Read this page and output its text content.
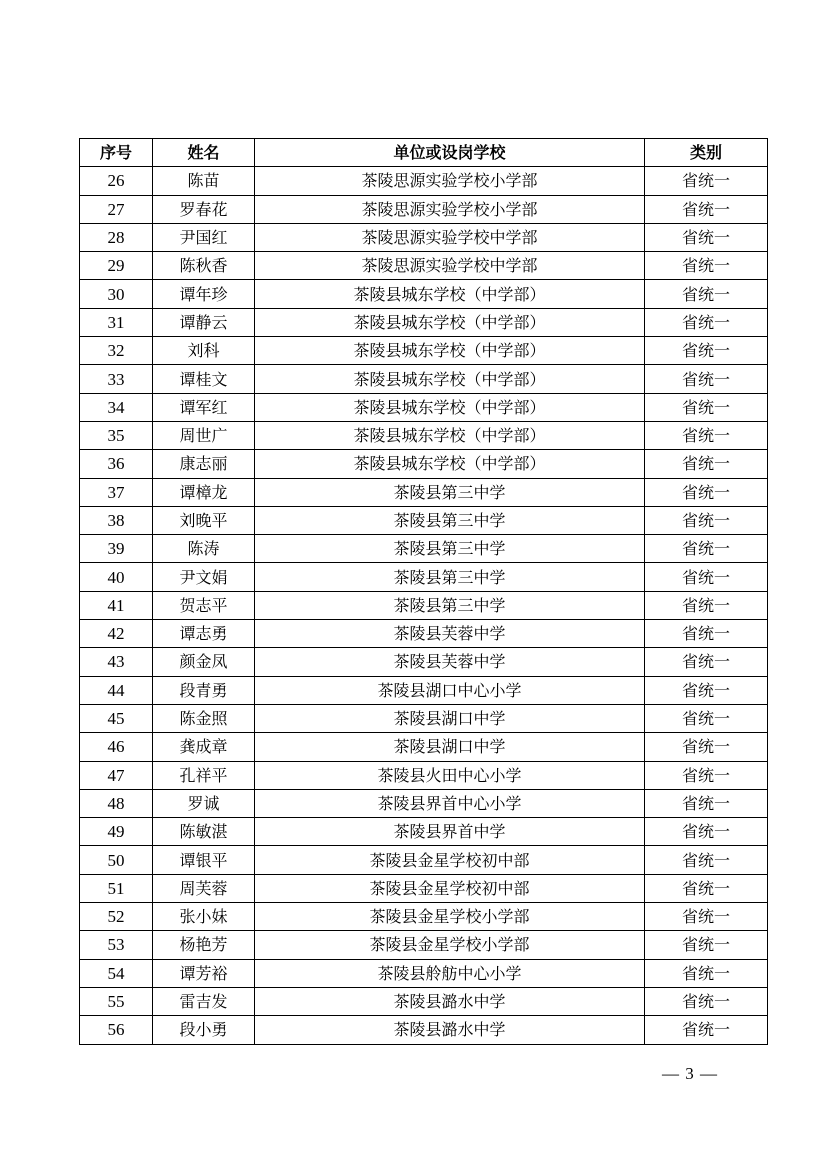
序号	姓名	单位或设岗学校	类别
26	陈苗	茶陵思源实验学校小学部	省统一
27	罗春花	茶陵思源实验学校小学部	省统一
28	尹国红	茶陵思源实验学校中学部	省统一
29	陈秋香	茶陵思源实验学校中学部	省统一
30	谭年珍	茶陵县城东学校（中学部）	省统一
31	谭静云	茶陵县城东学校（中学部）	省统一
32	刘科	茶陵县城东学校（中学部）	省统一
33	谭桂文	茶陵县城东学校（中学部）	省统一
34	谭军红	茶陵县城东学校（中学部）	省统一
35	周世广	茶陵县城东学校（中学部）	省统一
36	康志丽	茶陵县城东学校（中学部）	省统一
37	谭樟龙	茶陵县第三中学	省统一
38	刘晚平	茶陵县第三中学	省统一
39	陈涛	茶陵县第三中学	省统一
40	尹文娟	茶陵县第三中学	省统一
41	贺志平	茶陵县第三中学	省统一
42	谭志勇	茶陵县芙蓉中学	省统一
43	颜金凤	茶陵县芙蓉中学	省统一
44	段青勇	茶陵县湖口中心小学	省统一
45	陈金照	茶陵县湖口中学	省统一
46	龚成章	茶陵县湖口中学	省统一
47	孔祥平	茶陵县火田中心小学	省统一
48	罗诚	茶陵县界首中心小学	省统一
49	陈敏湛	茶陵县界首中学	省统一
50	谭银平	茶陵县金星学校初中部	省统一
51	周芙蓉	茶陵县金星学校初中部	省统一
52	张小妹	茶陵县金星学校小学部	省统一
53	杨艳芳	茶陵县金星学校小学部	省统一
54	谭芳裕	茶陵县舲舫中心小学	省统一
55	雷吉发	茶陵县潞水中学	省统一
56	段小勇	茶陵县潞水中学	省统一
— 3 —
